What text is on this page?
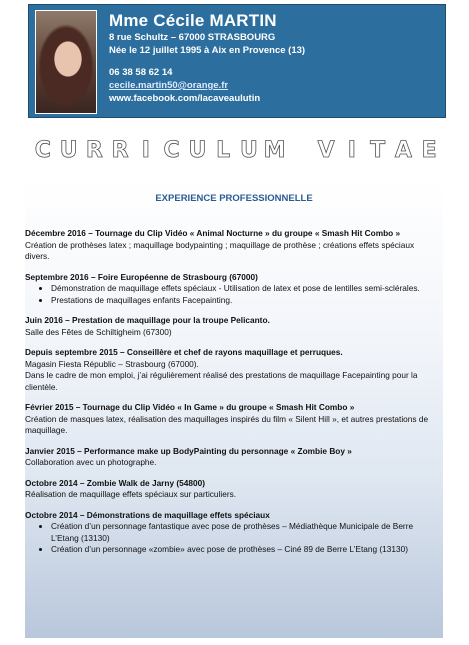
Mme Cécile MARTIN
8 rue Schultz – 67000 STRASBOURG
Née le 12 juillet 1995 à Aix en Provence (13)
06 38 58 62 14
cecile.martin50@orange.fr
www.facebook.com/lacaveaulutin
C U R R I C U L U M V I T A E
EXPERIENCE PROFESSIONNELLE
Décembre 2016 – Tournage du Clip Vidéo « Animal Nocturne » du groupe « Smash Hit Combo »
Création de prothèses latex ; maquillage bodypainting ; maquillage de prothèse ; créations effets spéciaux divers.
Septembre 2016 – Foire Européenne de Strasbourg (67000)
• Démonstration de maquillage effets spéciaux - Utilisation de latex et pose de lentilles semi-sclérales.
• Prestations de maquillages enfants Facepainting.
Juin 2016 – Prestation de maquillage pour la troupe Pelicanto.
Salle des Fêtes de Schiltigheim (67300)
Depuis septembre 2015 – Conseillère et chef de rayons maquillage et perruques.
Magasin Fiesta Républic – Strasbourg (67000).
Dans le cadre de mon emploi, j’ai régulièrement réalisé des prestations de maquillage Facepainting pour la clientèle.
Février 2015 – Tournage du Clip Vidéo « In Game » du groupe « Smash Hit Combo »
Création de masques latex, réalisation des maquillages inspirés du film « Silent Hill », et autres prestations de maquillage.
Janvier 2015 – Performance make up BodyPainting du personnage « Zombie Boy »
Collaboration avec un photographe.
Octobre 2014 – Zombie Walk de Jarny (54800)
Réalisation de maquillage effets spéciaux sur particuliers.
Octobre 2014 – Démonstrations de maquillage effets spéciaux
• Création d’un personnage fantastique avec pose de prothèses – Médiathèque Municipale de Berre L’Etang (13130)
• Création d’un personnage «zombie» avec pose de prothèses – Ciné 89 de Berre L’Etang (13130)
